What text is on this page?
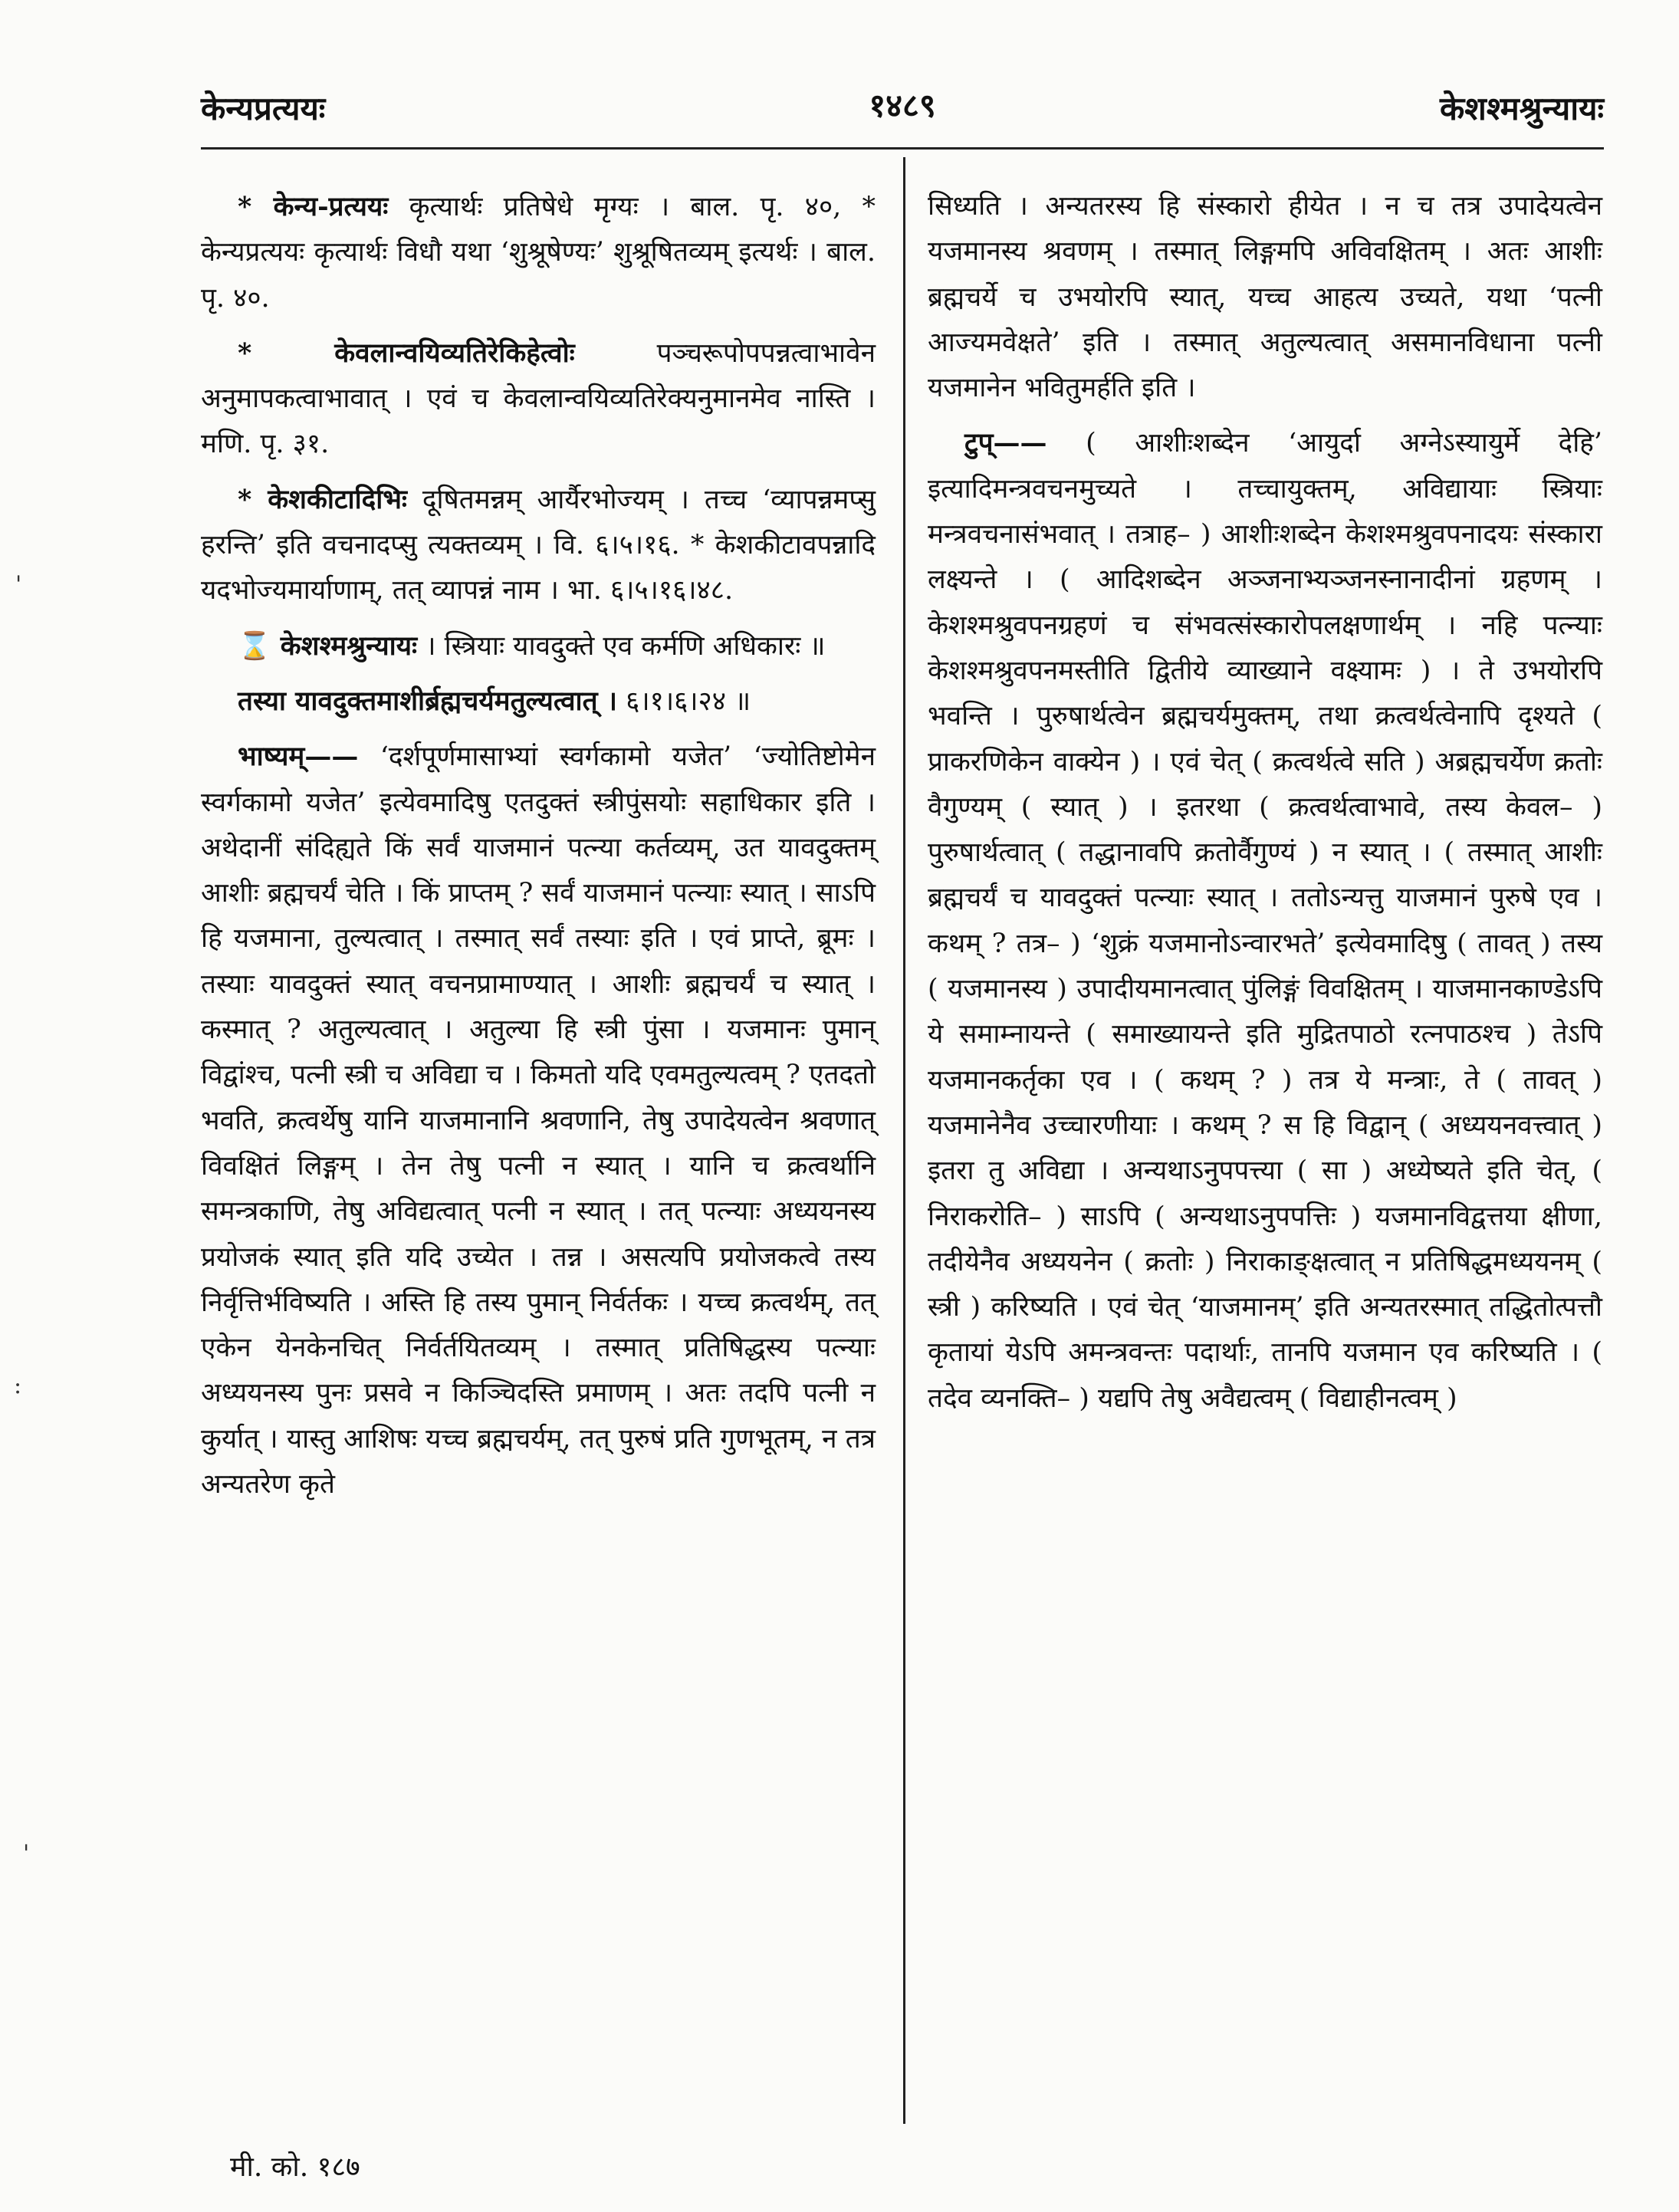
केन्यप्रत्ययः	१४८९	केशश्मश्रुन्यायः

* केन्य-प्रत्ययः कृत्यार्थः प्रतिषेधे मृग्यः । बाल. पृ. ४०, * केन्यप्रत्ययः कृत्यार्थः विधौ यथा ‘शुश्रूषेण्यः’ शुश्रूषितव्यम् इत्यर्थः । बाल. पृ. ४०.

* केवलान्वयिव्यतिरेकिहेत्वोः पञ्चरूपोपपन्नत्वाभावेन अनुमापकत्वाभावात् । एवं च केवलान्वयिव्यतिरेक्यनुमानमेव नास्ति । मणि. पृ. ३१.

* केशकीटादिभिः दूषितमन्नम् आर्यैरभोज्यम् । तच्च ‘व्यापन्नमप्सु हरन्ति’ इति वचनादप्सु त्यक्तव्यम् । वि. ६।५।१६. * केशकीटावपन्नादि यदभोज्यमार्याणाम्, तत् व्यापन्नं नाम । भा. ६।५।१६।४८.

⌛ केशश्मश्रुन्यायः । स्त्रियाः यावदुक्ते एव कर्मणि अधिकारः ॥

तस्या यावदुक्तमाशीर्ब्रह्मचर्यमतुल्यत्वात् । ६।१।६।२४ ॥

भाष्यम्—— ‘दर्शपूर्णमासाभ्यां स्वर्गकामो यजेत’ ‘ज्योतिष्टोमेन स्वर्गकामो यजेत’ इत्येवमादिषु एतदुक्तं स्त्रीपुंसयोः सहाधिकार इति । अथेदानीं संदिह्यते किं सर्वं याजमानं पत्न्या कर्तव्यम्, उत यावदुक्तम् आशीः ब्रह्मचर्यं चेति । किं प्राप्तम् ? सर्वं याजमानं पत्न्याः स्यात् । साऽपि हि यजमाना, तुल्यत्वात् । तस्मात् सर्वं तस्याः इति । एवं प्राप्ते, ब्रूमः । तस्याः यावदुक्तं स्यात् वचनप्रामाण्यात् । आशीः ब्रह्मचर्यं च स्यात् । कस्मात् ? अतुल्यत्वात् । अतुल्या हि स्त्री पुंसा । यजमानः पुमान् विद्वांश्च, पत्नी स्त्री च अविद्या च । किमतो यदि एवमतुल्यत्वम् ? एतदतो भवति, क्रत्वर्थेषु यानि याजमानानि श्रवणानि, तेषु उपादेयत्वेन श्रवणात् विवक्षितं लिङ्गम् । तेन तेषु पत्नी न स्यात् । यानि च क्रत्वर्थानि समन्त्रकाणि, तेषु अविद्यत्वात् पत्नी न स्यात् । तत् पत्न्याः अध्ययनस्य प्रयोजकं स्यात् इति यदि उच्येत । तन्न । असत्यपि प्रयोजकत्वे तस्य निर्वृत्तिर्भविष्यति । अस्ति हि तस्य पुमान् निर्वर्तकः । यच्च क्रत्वर्थम्, तत् एकेन येनकेनचित् निर्वर्तयितव्यम् । तस्मात् प्रतिषिद्धस्य पत्न्याः अध्ययनस्य पुनः प्रसवे न किञ्चिदस्ति प्रमाणम् । अतः तदपि पत्नी न कुर्यात् । यास्तु आशिषः यच्च ब्रह्मचर्यम्, तत् पुरुषं प्रति गुणभूतम्, न तत्र अन्यतरेण कृते

सिध्यति । अन्यतरस्य हि संस्कारो हीयेत । न च तत्र उपादेयत्वेन यजमानस्य श्रवणम् । तस्मात् लिङ्गमपि अविवक्षितम् । अतः आशीः ब्रह्मचर्ये च उभयोरपि स्यात्, यच्च आहत्य उच्यते, यथा ‘पत्नी आज्यमवेक्षते’ इति । तस्मात् अतुल्यत्वात् असमानविधाना पत्नी यजमानेन भवितुमर्हति इति ।

टुप्—— ( आशीःशब्देन ‘आयुर्दा अग्नेऽस्यायुर्मे देहि’ इत्यादिमन्त्रवचनमुच्यते । तच्चायुक्तम्, अविद्यायाः स्त्रियाः मन्त्रवचनासंभवात् । तत्राह– ) आशीःशब्देन केशश्मश्रुवपनादयः संस्कारा लक्ष्यन्ते । ( आदिशब्देन अञ्जनाभ्यञ्जनस्नानादीनां ग्रहणम् । केशश्मश्रुवपनग्रहणं च संभवत्संस्कारोपलक्षणार्थम् । नहि पत्न्याः केशश्मश्रुवपनमस्तीति द्वितीये व्याख्याने वक्ष्यामः ) । ते उभयोरपि भवन्ति । पुरुषार्थत्वेन ब्रह्मचर्यमुक्तम्, तथा क्रत्वर्थत्वेनापि दृश्यते ( प्राकरणिकेन वाक्येन ) । एवं चेत् ( क्रत्वर्थत्वे सति ) अब्रह्मचर्येण क्रतोः वैगुण्यम् ( स्यात् ) । इतरथा ( क्रत्वर्थत्वाभावे, तस्य केवल– ) पुरुषार्थत्वात् ( तद्धानावपि क्रतोर्वैगुण्यं ) न स्यात् । ( तस्मात् आशीः ब्रह्मचर्यं च यावदुक्तं पत्न्याः स्यात् । ततोऽन्यत्तु याजमानं पुरुषे एव । कथम् ? तत्र– ) ‘शुक्रं यजमानोऽन्वारभते’ इत्येवमादिषु ( तावत् ) तस्य ( यजमानस्य ) उपादीयमानत्वात् पुंलिङ्गं विवक्षितम् । याजमानकाण्डेऽपि ये समाम्नायन्ते ( समाख्यायन्ते इति मुद्रितपाठो रत्नपाठश्च ) तेऽपि यजमानकर्तृका एव । ( कथम् ? ) तत्र ये मन्त्राः, ते ( तावत् ) यजमानेनैव उच्चारणीयाः । कथम् ? स हि विद्वान् ( अध्ययनवत्त्वात् ) इतरा तु अविद्या । अन्यथाऽनुपपत्त्या ( सा ) अध्येष्यते इति चेत्, ( निराकरोति– ) साऽपि ( अन्यथाऽनुपपत्तिः ) यजमानविद्वत्तया क्षीणा, तदीयेनैव अध्ययनेन ( क्रतोः ) निराकाङ्क्षत्वात् न प्रतिषिद्धमध्ययनम् ( स्त्री ) करिष्यति । एवं चेत् ‘याजमानम्’ इति अन्यतरस्मात् तद्धितोत्पत्तौ कृतायां येऽपि अमन्त्रवन्तः पदार्थाः, तानपि यजमान एव करिष्यति । ( तदेव व्यनक्ति– ) यद्यपि तेषु अवैद्यत्वम् ( विद्याहीनत्वम् )

'
:
'
मी. को. १८७
